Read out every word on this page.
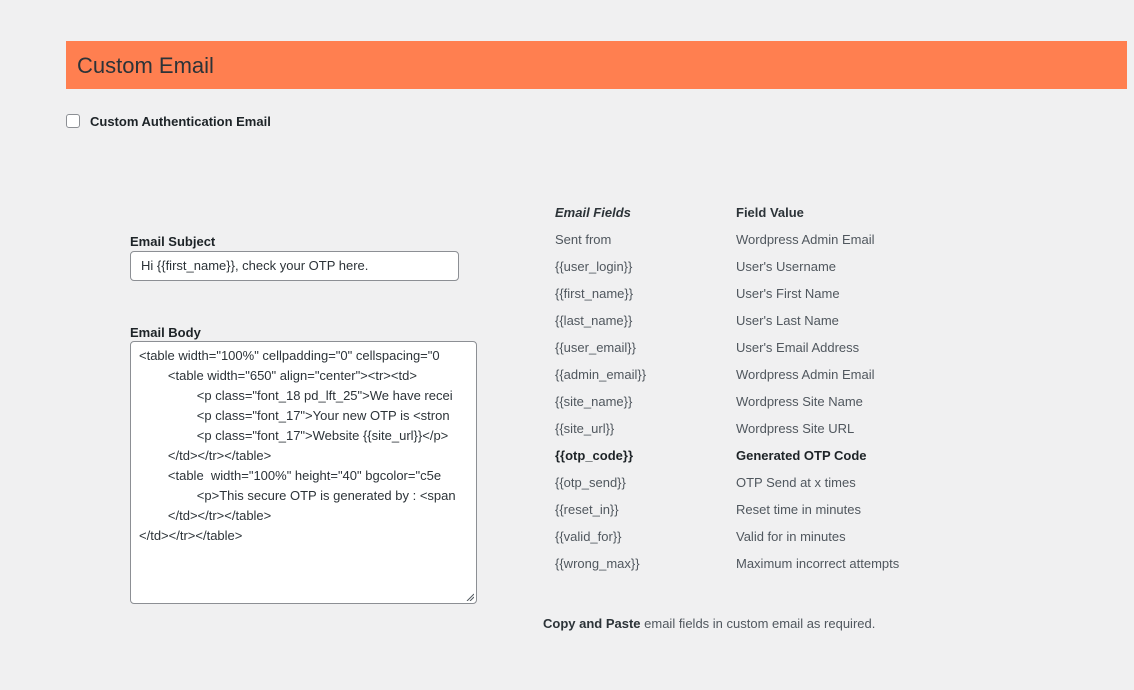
Custom Email
Custom Authentication Email
Email Subject
Hi {{first_name}}, check your OTP here.
Email Body
<table width="100%" cellpadding="0" cellspacing="0
<table width="650" align="center"><tr><td>
<p class="font_18 pd_lft_25">We have recei
<p class="font_17">Your new OTP is <stron
<p class="font_17">Website {{site_url}}</p>
</td></tr></table>
<table  width="100%" height="40" bgcolor="c5e
<p>This secure OTP is generated by : <span
</td></tr></table>
</td></tr></table>
Email Fields	Field Value
Sent from	Wordpress Admin Email
{{user_login}}	User's Username
{{first_name}}	User's First Name
{{last_name}}	User's Last Name
{{user_email}}	User's Email Address
{{admin_email}}	Wordpress Admin Email
{{site_name}}	Wordpress Site Name
{{site_url}}	Wordpress Site URL
{{otp_code}}	Generated OTP Code
{{otp_send}}	OTP Send at x times
{{reset_in}}	Reset time in minutes
{{valid_for}}	Valid for in minutes
{{wrong_max}}	Maximum incorrect attempts
Copy and Paste email fields in custom email as required.
